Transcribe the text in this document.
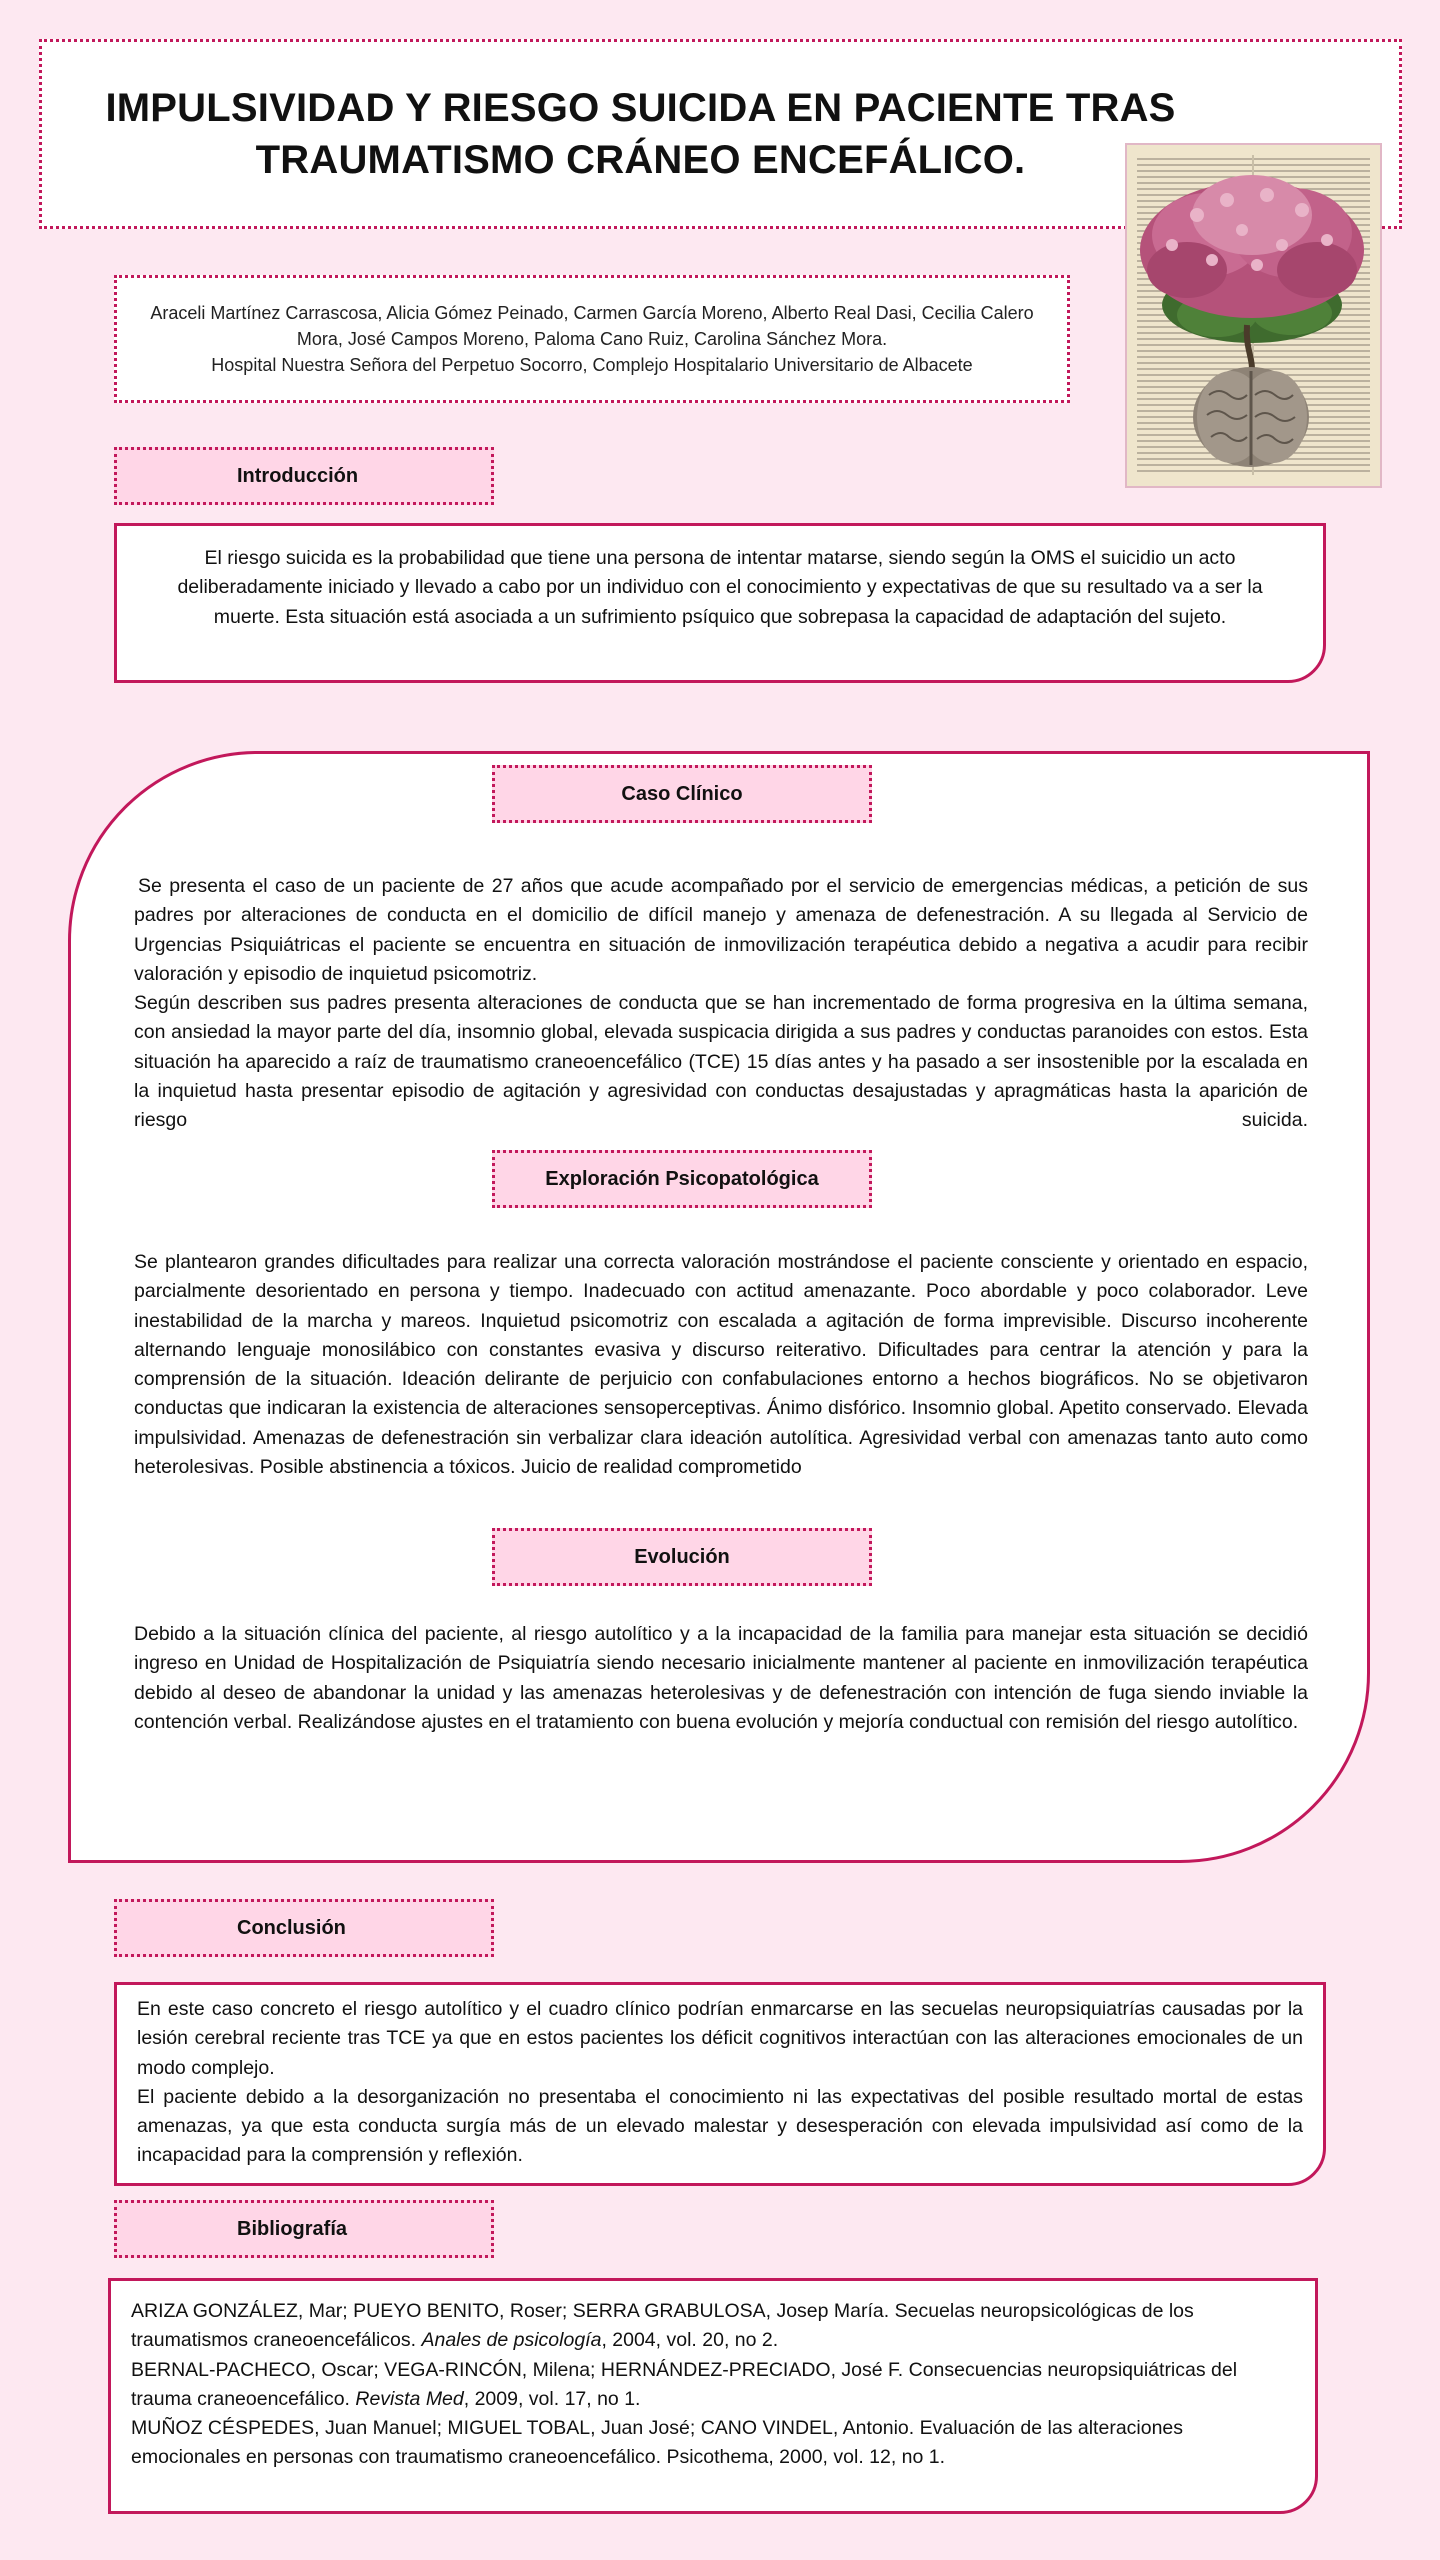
IMPULSIVIDAD Y RIESGO SUICIDA EN PACIENTE TRAS TRAUMATISMO CRÁNEO ENCEFÁLICO.
Araceli Martínez Carrascosa, Alicia Gómez Peinado, Carmen García Moreno, Alberto Real Dasi, Cecilia Calero Mora, José Campos Moreno, Paloma Cano Ruiz, Carolina Sánchez Mora.
Hospital Nuestra Señora del Perpetuo Socorro, Complejo Hospitalario Universitario de Albacete
Introducción

El riesgo suicida es la probabilidad que tiene una persona de intentar matarse, siendo según la OMS el suicidio un acto deliberadamente iniciado y llevado a cabo por un individuo con el conocimiento y expectativas de que su resultado va a ser la muerte. Esta situación está asociada a un sufrimiento psíquico que sobrepasa la capacidad de adaptación del sujeto.

Caso Clínico

Se presenta el caso de un paciente de 27 años que acude acompañado por el servicio de emergencias médicas, a petición de sus padres por alteraciones de conducta en el domicilio de difícil manejo y amenaza de defenestración. A su llegada al Servicio de Urgencias Psiquiátricas el paciente se encuentra en situación de inmovilización terapéutica debido a negativa a acudir para recibir valoración y episodio de inquietud psicomotriz.

Según describen sus padres presenta alteraciones de conducta que se han incrementado de forma progresiva en la última semana, con ansiedad la mayor parte del día, insomnio global, elevada suspicacia dirigida a sus padres y conductas paranoides con estos. Esta situación ha aparecido a raíz de traumatismo craneoencefálico (TCE) 15 días antes y ha pasado a ser insostenible por la escalada en la inquietud hasta presentar episodio de agitación y agresividad con conductas desajustadas y apragmáticas hasta la aparición de riesgo suicida.

Exploración Psicopatológica

Se plantearon grandes dificultades para realizar una correcta valoración mostrándose el paciente consciente y orientado en espacio, parcialmente desorientado en persona y tiempo. Inadecuado con actitud amenazante. Poco abordable y poco colaborador. Leve inestabilidad de la marcha y mareos. Inquietud psicomotriz con escalada a agitación de forma imprevisible. Discurso incoherente alternando lenguaje monosilábico con constantes evasiva y discurso reiterativo. Dificultades para centrar la atención y para la comprensión de la situación. Ideación delirante de perjuicio con confabulaciones entorno a hechos biográficos. No se objetivaron conductas que indicaran la existencia de alteraciones sensoperceptivas. Ánimo disfórico. Insomnio global. Apetito conservado. Elevada impulsividad. Amenazas de defenestración sin verbalizar clara ideación autolítica. Agresividad verbal con amenazas tanto auto como heterolesivas. Posible abstinencia a tóxicos. Juicio de realidad comprometido

Evolución

Debido a la situación clínica del paciente, al riesgo autolítico y a la incapacidad de la familia para manejar esta situación se decidió ingreso en Unidad de Hospitalización de Psiquiatría siendo necesario inicialmente mantener al paciente en inmovilización terapéutica debido al deseo de abandonar la unidad y las amenazas heterolesivas y de defenestración con intención de fuga siendo inviable la contención verbal. Realizándose ajustes en el tratamiento con buena evolución y mejoría conductual con remisión del riesgo autolítico.

Conclusión

En este caso concreto el riesgo autolítico y el cuadro clínico podrían enmarcarse en las secuelas neuropsiquiatrías causadas por la lesión cerebral reciente tras TCE ya que en estos pacientes los déficit cognitivos interactúan con las alteraciones emocionales de un modo complejo.

El paciente debido a la desorganización no presentaba el conocimiento ni las expectativas del posible resultado mortal de estas amenazas, ya que esta conducta surgía más de un elevado malestar y desesperación con elevada impulsividad así como de la incapacidad para la comprensión y reflexión.

Bibliografía

ARIZA GONZÁLEZ, Mar; PUEYO BENITO, Roser; SERRA GRABULOSA, Josep María. Secuelas neuropsicológicas de los traumatismos craneoencefálicos. Anales de psicología, 2004, vol. 20, no 2.

BERNAL-PACHECO, Oscar; VEGA-RINCÓN, Milena; HERNÁNDEZ-PRECIADO, José F. Consecuencias neuropsiquiátricas del trauma craneoencefálico. Revista Med, 2009, vol. 17, no 1.

MUÑOZ CÉSPEDES, Juan Manuel; MIGUEL TOBAL, Juan José; CANO VINDEL, Antonio. Evaluación de las alteraciones emocionales en personas con traumatismo craneoencefálico. Psicothema, 2000, vol. 12, no 1.
